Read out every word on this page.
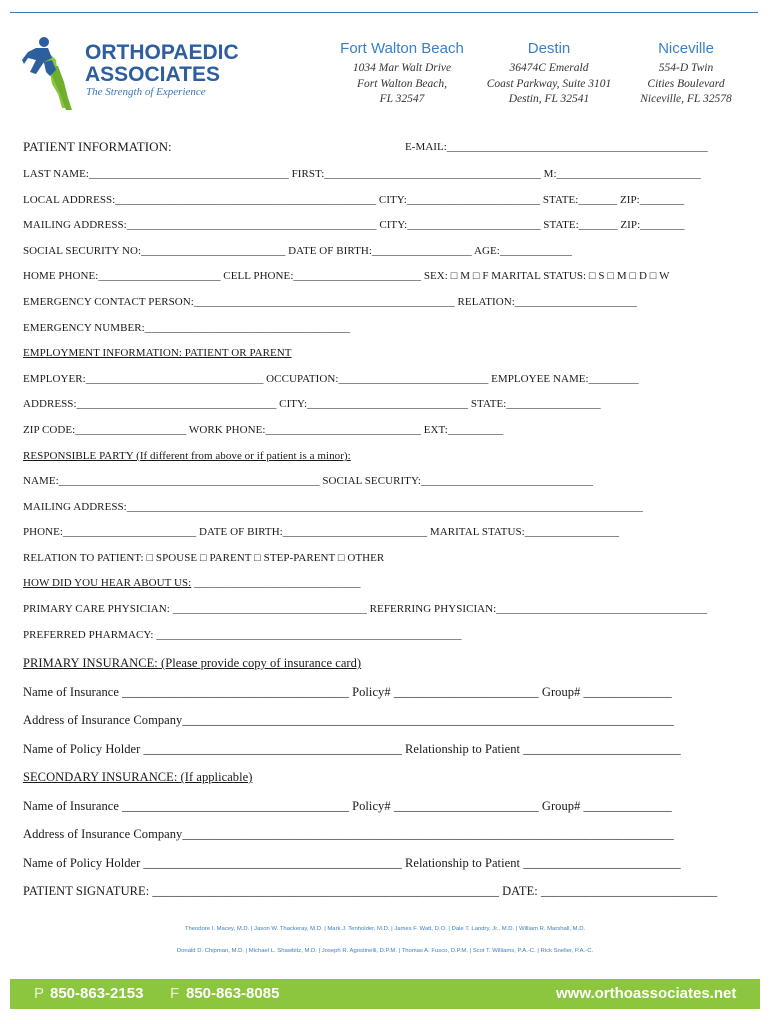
ORTHOPAEDIC
ASSOCIATES
The Strength of Experience
Fort Walton Beach
1034 Mar Walt Drive
Fort Walton Beach,
FL 32547
Destin
36474C Emerald
Coast Parkway, Suite 3101
Destin, FL 32541
Niceville
554-D Twin
Cities Boulevard
Niceville, FL 32578
PATIENT INFORMATION:	E-MAIL:_______________________________________________
LAST NAME:____________________________________ FIRST:_______________________________________ M:__________________________
LOCAL ADDRESS:_______________________________________________ CITY:________________________ STATE:_______ ZIP:________
MAILING ADDRESS:_____________________________________________ CITY:________________________ STATE:_______ ZIP:________
SOCIAL SECURITY NO:__________________________ DATE OF BIRTH:__________________ AGE:_____________
HOME PHONE:______________________ CELL PHONE:_______________________ SEX: □ M □ F MARITAL STATUS: □ S □ M □ D □ W
EMERGENCY CONTACT PERSON:_______________________________________________ RELATION:______________________
EMERGENCY NUMBER:_____________________________________
EMPLOYMENT INFORMATION: PATIENT OR PARENT
EMPLOYER:________________________________ OCCUPATION:___________________________ EMPLOYEE NAME:_________
ADDRESS:____________________________________ CITY:_____________________________ STATE:_________________
ZIP CODE:____________________ WORK PHONE:____________________________ EXT:__________
RESPONSIBLE PARTY (If different from above or if patient is a minor):
NAME:_______________________________________________ SOCIAL SECURITY:_______________________________
MAILING ADDRESS:_____________________________________________________________________________________________
PHONE:________________________ DATE OF BIRTH:__________________________ MARITAL STATUS:_________________
RELATION TO PATIENT: □ SPOUSE □ PARENT □ STEP-PARENT □ OTHER
HOW DID YOU HEAR ABOUT US: ______________________________
PRIMARY CARE PHYSICIAN: ___________________________________ REFERRING PHYSICIAN:______________________________________
PREFERRED PHARMACY: _______________________________________________________
PRIMARY INSURANCE: (Please provide copy of insurance card)
Name of Insurance ____________________________________ Policy# _______________________ Group# ______________
Address of Insurance Company______________________________________________________________________________
Name of Policy Holder _________________________________________ Relationship to Patient _________________________
SECONDARY INSURANCE: (If applicable)
Name of Insurance ____________________________________ Policy# _______________________ Group# ______________
Address of Insurance Company______________________________________________________________________________
Name of Policy Holder _________________________________________ Relationship to Patient _________________________
PATIENT SIGNATURE: _______________________________________________________ DATE: ____________________________
Theodore I. Macey, M.D. | Jason W. Thackeray, M.D. | Mark J. Tenholder, M.D. | James F. Watt, D.O. | Dale T. Landry, Jr., M.D. | William R. Marshall, M.D.
Donald D. Chipman, M.D. | Michael L. Shawbitz, M.D. | Joseph R. Agostinelli, D.P.M. | Thomas A. Fusco, D.P.M. | Scot T. Williams, P.A.-C. | Rick Sneller, P.A.-C.
P 850-863-2153 F 850-863-8085	www.orthoassociates.net
